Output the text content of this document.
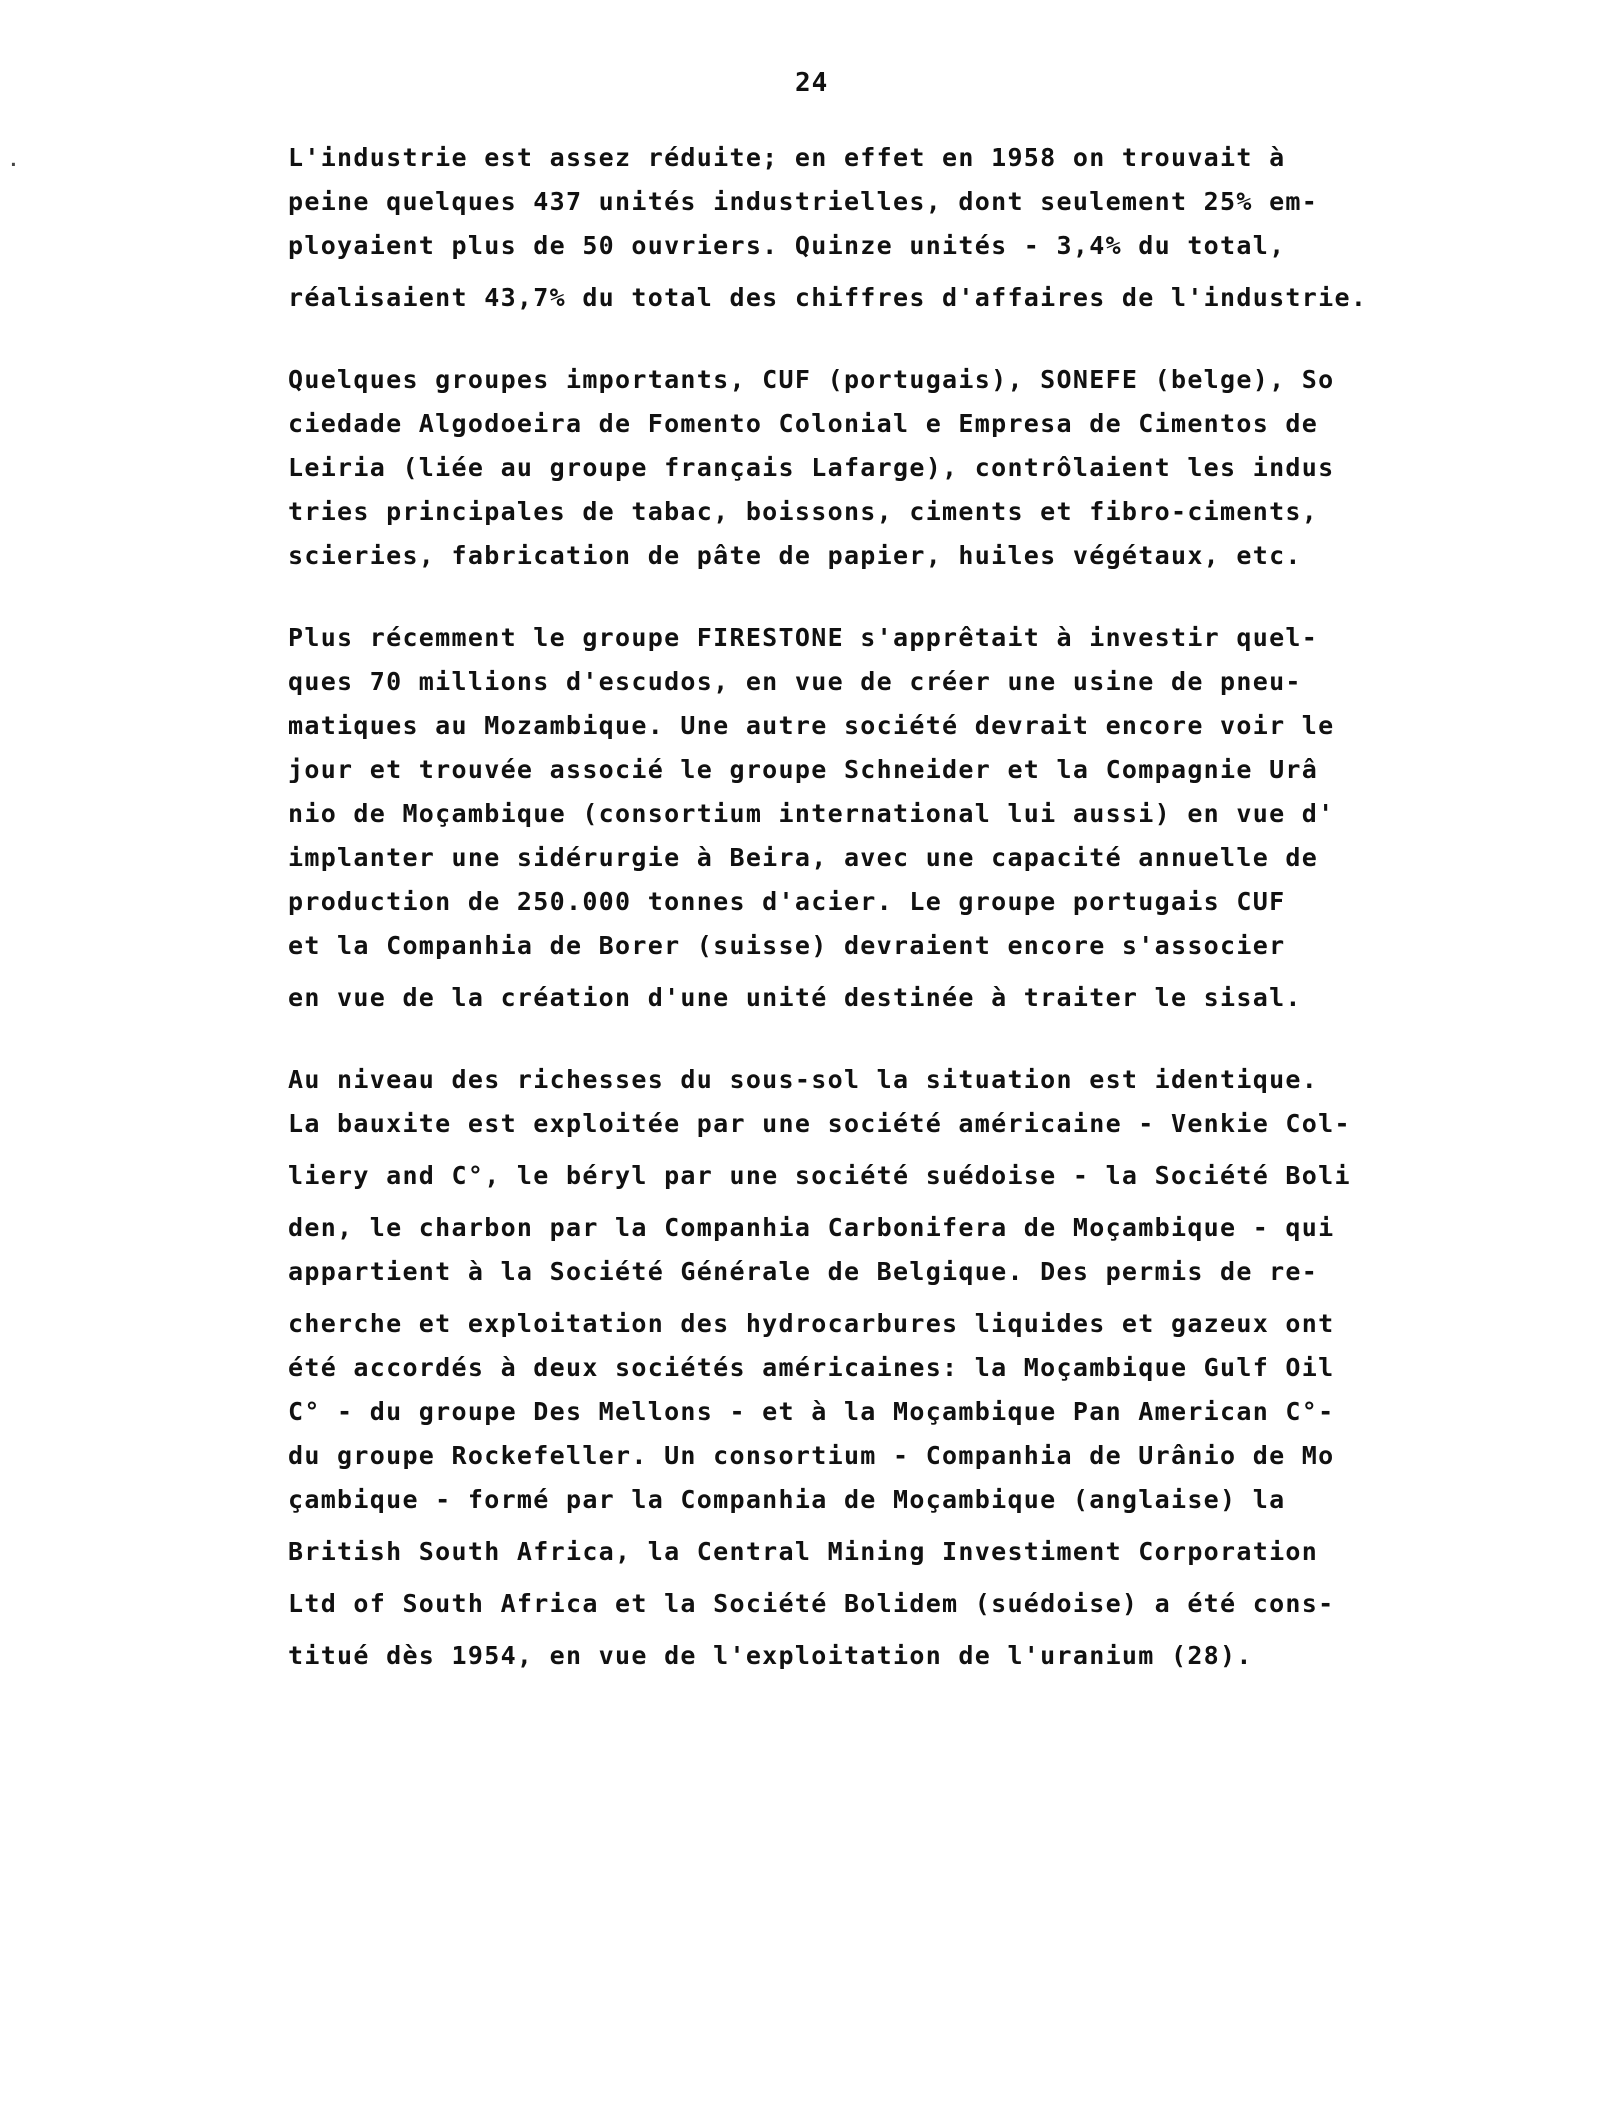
.
24
L'industrie est assez réduite; en effet en 1958 on trouvait à
peine quelques 437 unités industrielles, dont seulement 25% em-
ployaient plus de 50 ouvriers. Quinze unités - 3,4% du total,
réalisaient 43,7% du total des chiffres d'affaires de l'industrie.
Quelques groupes importants, CUF (portugais), SONEFE (belge), So
ciedade Algodoeira de Fomento Colonial e Empresa de Cimentos de
Leiria (liée au groupe français Lafarge), contrôlaient les indus
tries principales de tabac, boissons, ciments et fibro-ciments,
scieries, fabrication de pâte de papier, huiles végétaux, etc.
Plus récemment le groupe FIRESTONE s'apprêtait à investir quel-
ques 70 millions d'escudos, en vue de créer une usine de pneu-
matiques au Mozambique. Une autre société devrait encore voir le
jour et trouvée associé le groupe Schneider et la Compagnie Urâ
nio de Moçambique (consortium international lui aussi) en vue d'
implanter une sidérurgie à Beira, avec une capacité annuelle de
production de 250.000 tonnes d'acier. Le groupe portugais CUF
et la Companhia de Borer (suisse) devraient encore s'associer
en vue de la création d'une unité destinée à traiter le sisal.
Au niveau des richesses du sous-sol la situation est identique.
La bauxite est exploitée par une société américaine - Venkie Col-
liery and C°, le béryl par une société suédoise - la Société Boli
den, le charbon par la Companhia Carbonifera de Moçambique - qui
appartient à la Société Générale de Belgique. Des permis de re-
cherche et exploitation des hydrocarbures liquides et gazeux ont
été accordés à deux sociétés américaines: la Moçambique Gulf Oil
C° - du groupe Des Mellons - et à la Moçambique Pan American C°-
du groupe Rockefeller. Un consortium - Companhia de Urânio de Mo
çambique - formé par la Companhia de Moçambique (anglaise) la
British South Africa, la Central Mining Investiment Corporation
Ltd of South Africa et la Société Bolidem (suédoise) a été cons-
titué dès 1954, en vue de l'exploitation de l'uranium (28).
